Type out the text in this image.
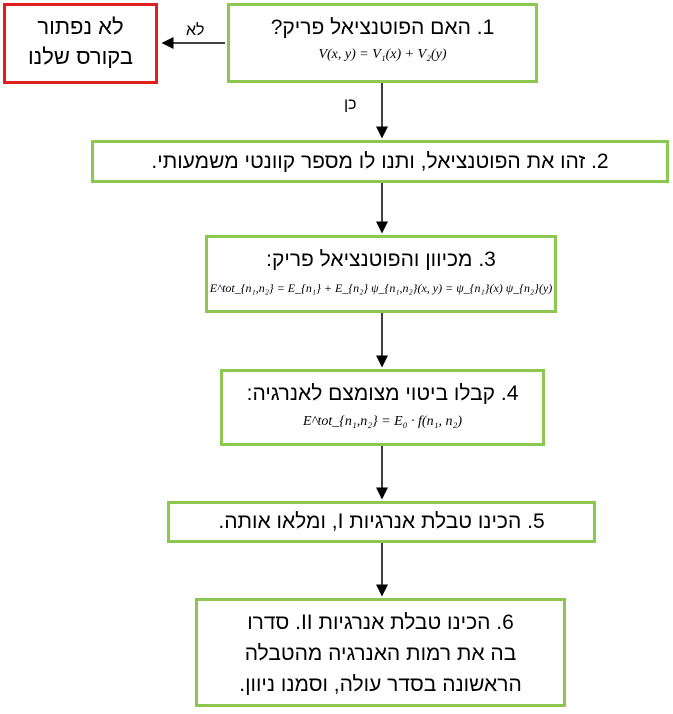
לא
כן
לא נפתור
בקורס שלנו
1. האם הפוטנציאל פריק?
V(x, y) = V₁(x) + V₂(y)
2. זהו את הפוטנציאל, ותנו לו מספר קוונטי משמעותי.
3. מכיוון והפוטנציאל פריק:
E^tot_{n₁,n₂} = E_{n₁} + E_{n₂} ψ_{n₁,n₂}(x, y) = ψ_{n₁}(x) ψ_{n₂}(y)
4. קבלו ביטוי מצומצם לאנרגיה:
E^tot_{n₁,n₂} = E₀ · f(n₁, n₂)
5. הכינו טבלת אנרגיות I, ומלאו אותה.
6. הכינו טבלת אנרגיות II. סדרו
בה את רמות האנרגיה מהטבלה
הראשונה בסדר עולה, וסמנו ניוון.
